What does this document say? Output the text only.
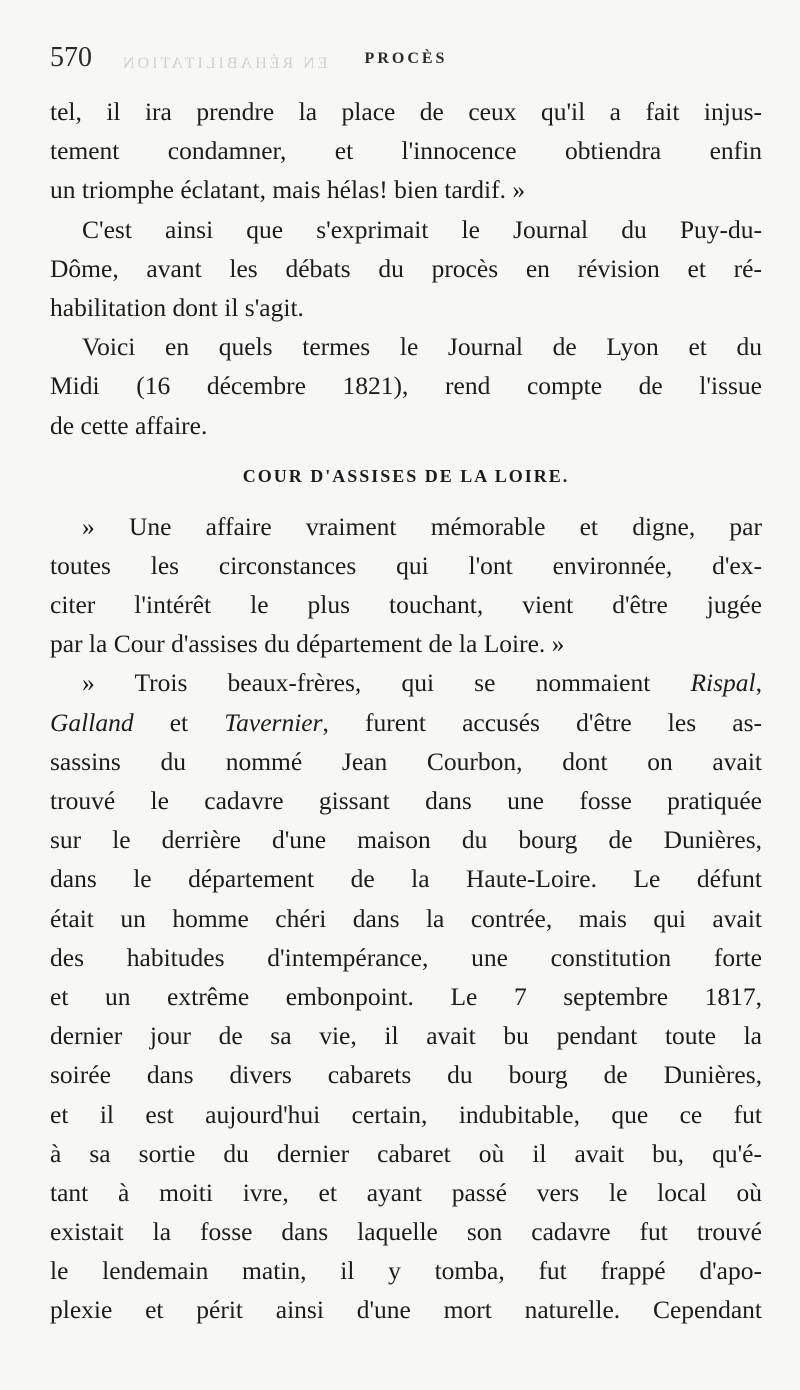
EN RÉHABILITATION
570	PROCÈS
tel, il ira prendre la place de ceux qu'il a fait injus-
tement condamner, et l'innocence obtiendra enfin
un triomphe éclatant, mais hélas! bien tardif. »
C'est ainsi que s'exprimait le Journal du Puy-du-
Dôme, avant les débats du procès en révision et ré-
habilitation dont il s'agit.
Voici en quels termes le Journal de Lyon et du
Midi (16 décembre 1821), rend compte de l'issue
de cette affaire.
COUR D'ASSISES DE LA LOIRE.
» Une affaire vraiment mémorable et digne, par
toutes les circonstances qui l'ont environnée, d'ex-
citer l'intérêt le plus touchant, vient d'être jugée
par la Cour d'assises du département de la Loire. »
» Trois beaux-frères, qui se nommaient Rispal,
Galland et Tavernier, furent accusés d'être les as-
sassins du nommé Jean Courbon, dont on avait
trouvé le cadavre gissant dans une fosse pratiquée
sur le derrière d'une maison du bourg de Dunières,
dans le département de la Haute-Loire. Le défunt
était un homme chéri dans la contrée, mais qui avait
des habitudes d'intempérance, une constitution forte
et un extrême embonpoint. Le 7 septembre 1817,
dernier jour de sa vie, il avait bu pendant toute la
soirée dans divers cabarets du bourg de Dunières,
et il est aujourd'hui certain, indubitable, que ce fut
à sa sortie du dernier cabaret où il avait bu, qu'é-
tant à moiti ivre, et ayant passé vers le local où
existait la fosse dans laquelle son cadavre fut trouvé
le lendemain matin, il y tomba, fut frappé d'apo-
plexie et périt ainsi d'une mort naturelle. Cependant
